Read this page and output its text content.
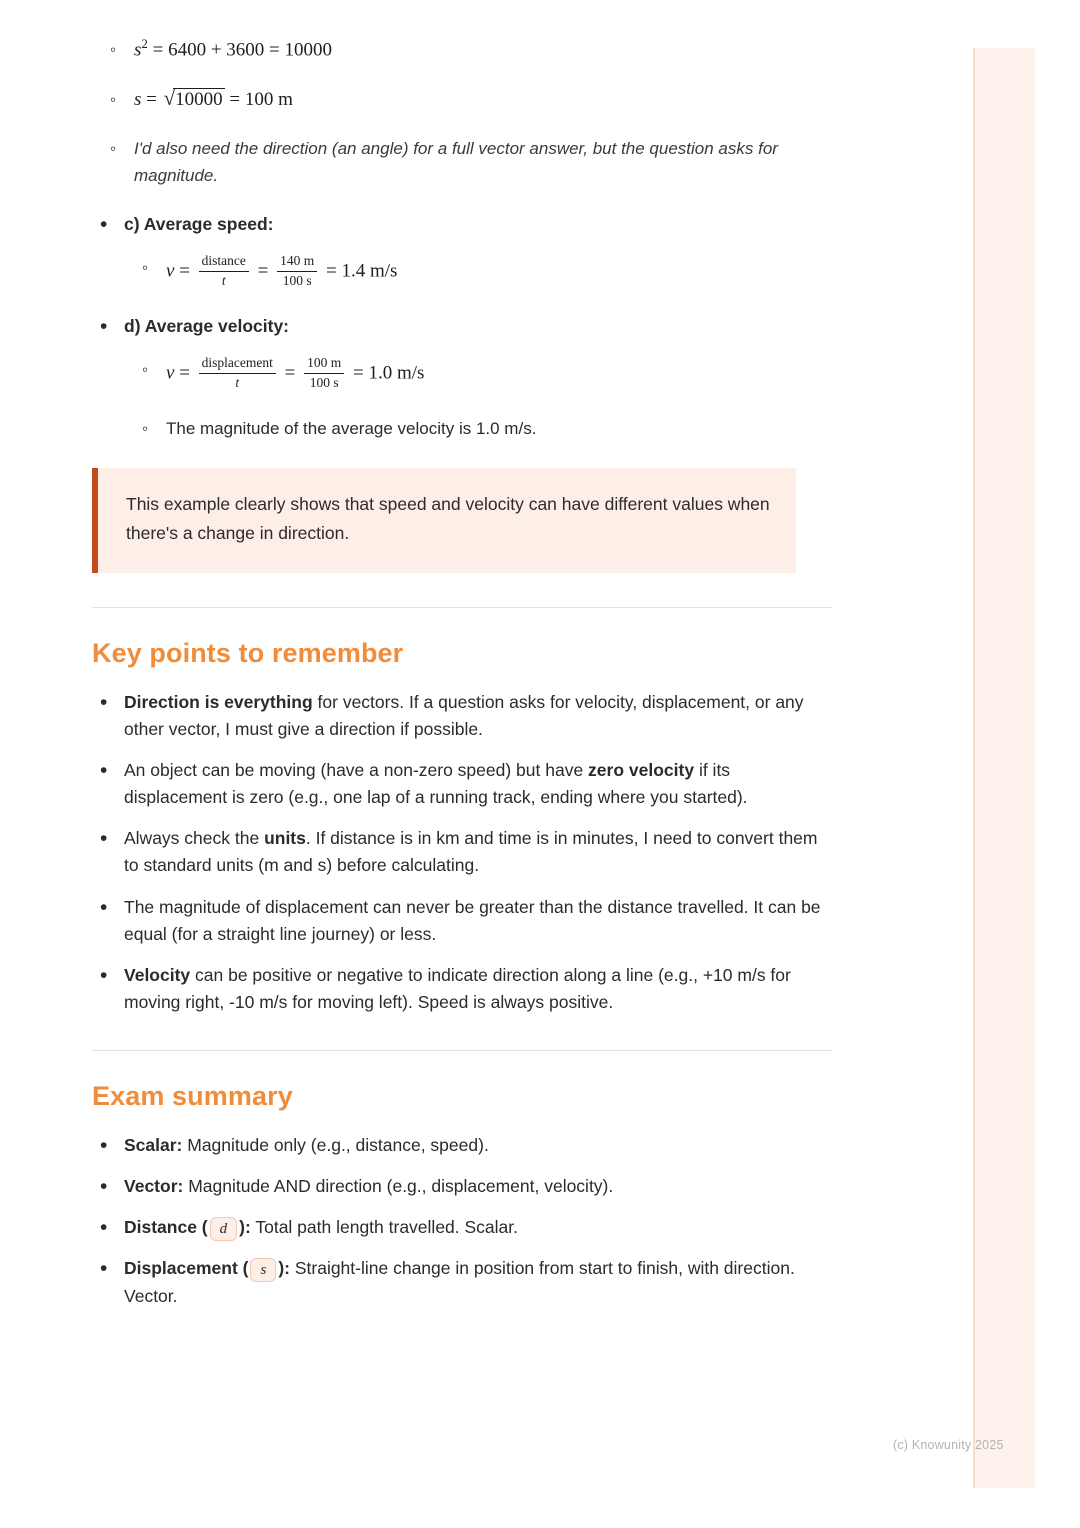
◦ $s^2 = 6400 + 3600 = 10000$
◦ s = √10000 = 100 m
◦ I'd also need the direction (an angle) for a full vector answer, but the question asks for magnitude.
• c) Average speed:
◦ $v = \frac{\text{distance}}{t} = \frac{140 m}{100 s} = 1.4$ m/s
• d) Average velocity:
◦ $v = \frac{\text{displacement}}{t} = \frac{100 m}{100 s} = 1.0$ m/s
◦ The magnitude of the average velocity is 1.0 m/s.
This example clearly shows that speed and velocity can have different values when there's a change in direction.
Key points to remember
• Direction is everything for vectors. If a question asks for velocity, displacement, or any other vector, I must give a direction if possible.
• An object can be moving (have a non-zero speed) but have zero velocity if its displacement is zero (e.g., one lap of a running track, ending where you started).
• Always check the units. If distance is in km and time is in minutes, I need to convert them to standard units (m and s) before calculating.
• The magnitude of displacement can never be greater than the distance travelled. It can be equal (for a straight line journey) or less.
• Velocity can be positive or negative to indicate direction along a line (e.g., +10 m/s for moving right, -10 m/s for moving left). Speed is always positive.
Exam summary
• Scalar: Magnitude only (e.g., distance, speed).
• Vector: Magnitude AND direction (e.g., displacement, velocity).
• Distance ( d ): Total path length travelled. Scalar.
• Displacement ( s ): Straight-line change in position from start to finish, with direction. Vector.
(c) Knowunity 2025
